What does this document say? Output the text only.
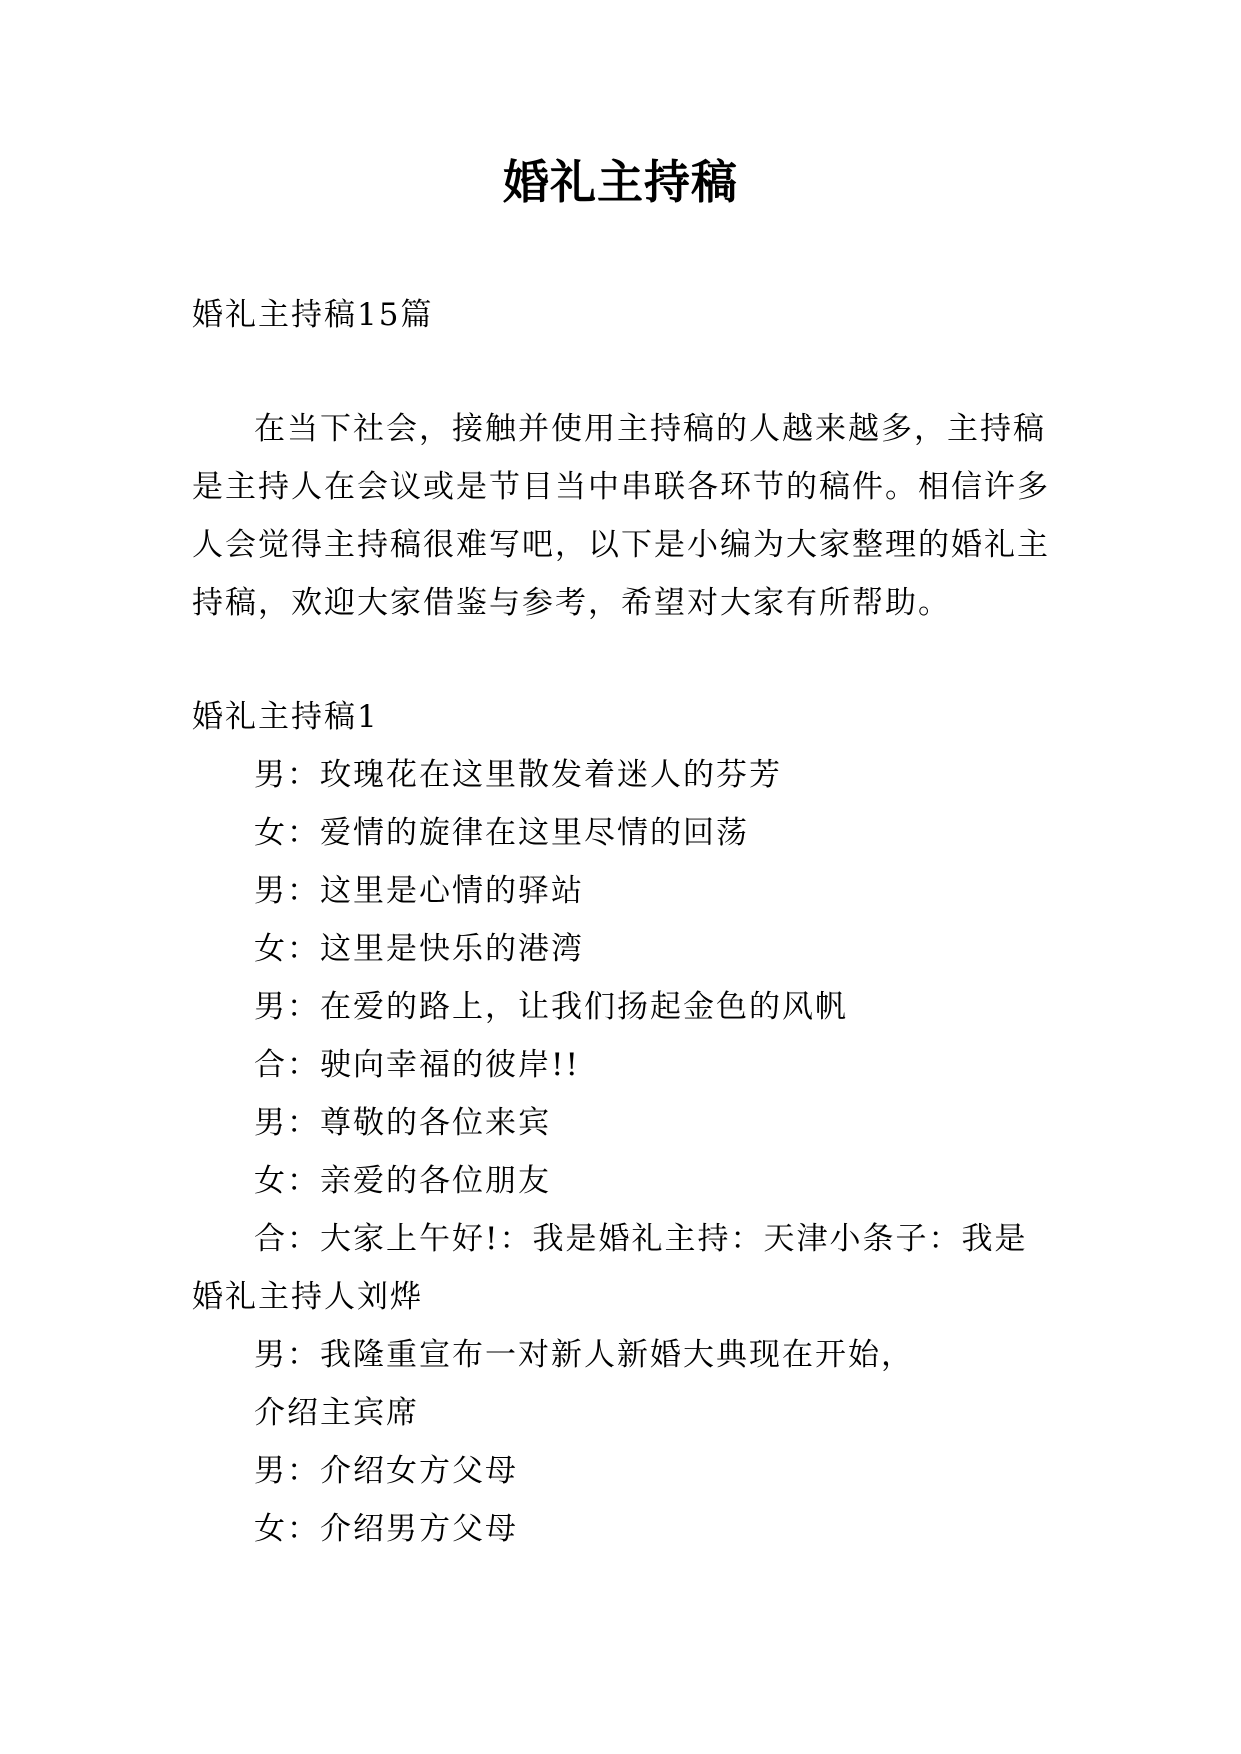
婚礼主持稿

婚礼主持稿15篇

在当下社会，接触并使用主持稿的人越来越多，主持稿是主持人在会议或是节目当中串联各环节的稿件。相信许多人会觉得主持稿很难写吧，以下是小编为大家整理的婚礼主持稿，欢迎大家借鉴与参考，希望对大家有所帮助。

婚礼主持稿1

男：玫瑰花在这里散发着迷人的芬芳

女：爱情的旋律在这里尽情的回荡

男：这里是心情的驿站

女：这里是快乐的港湾

男：在爱的路上，让我们扬起金色的风帆

合：驶向幸福的彼岸!!

男：尊敬的各位来宾

女：亲爱的各位朋友

合：大家上午好!：我是婚礼主持：天津小条子：我是婚礼主持人刘烨

男：我隆重宣布一对新人新婚大典现在开始，

介绍主宾席

男：介绍女方父母

女：介绍男方父母
